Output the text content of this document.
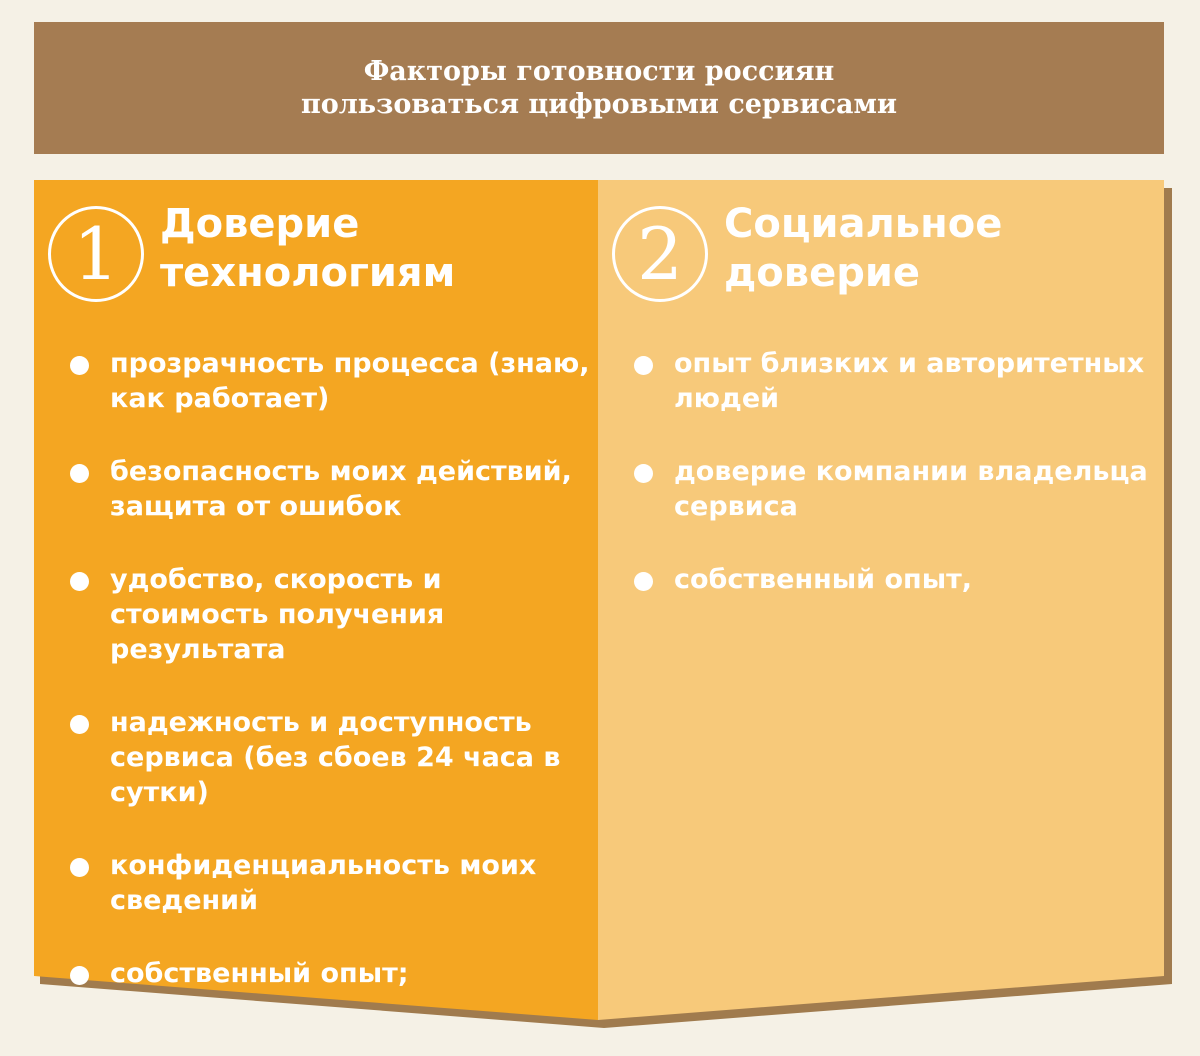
Факторы готовности россиян
пользоваться цифровыми сервисами
1	Доверие
технологиям
прозрачность процесса (знаю, как работает)
безопасность моих действий, защита от ошибок
удобство, скорость и стоимость получения результата
надежность и доступность сервиса (без сбоев 24 часа в сутки)
конфиденциальность моих сведений
собственный опыт;
2	Социальное
доверие
опыт близких и авторитетных людей
доверие компании владельца сервиса
собственный опыт,
